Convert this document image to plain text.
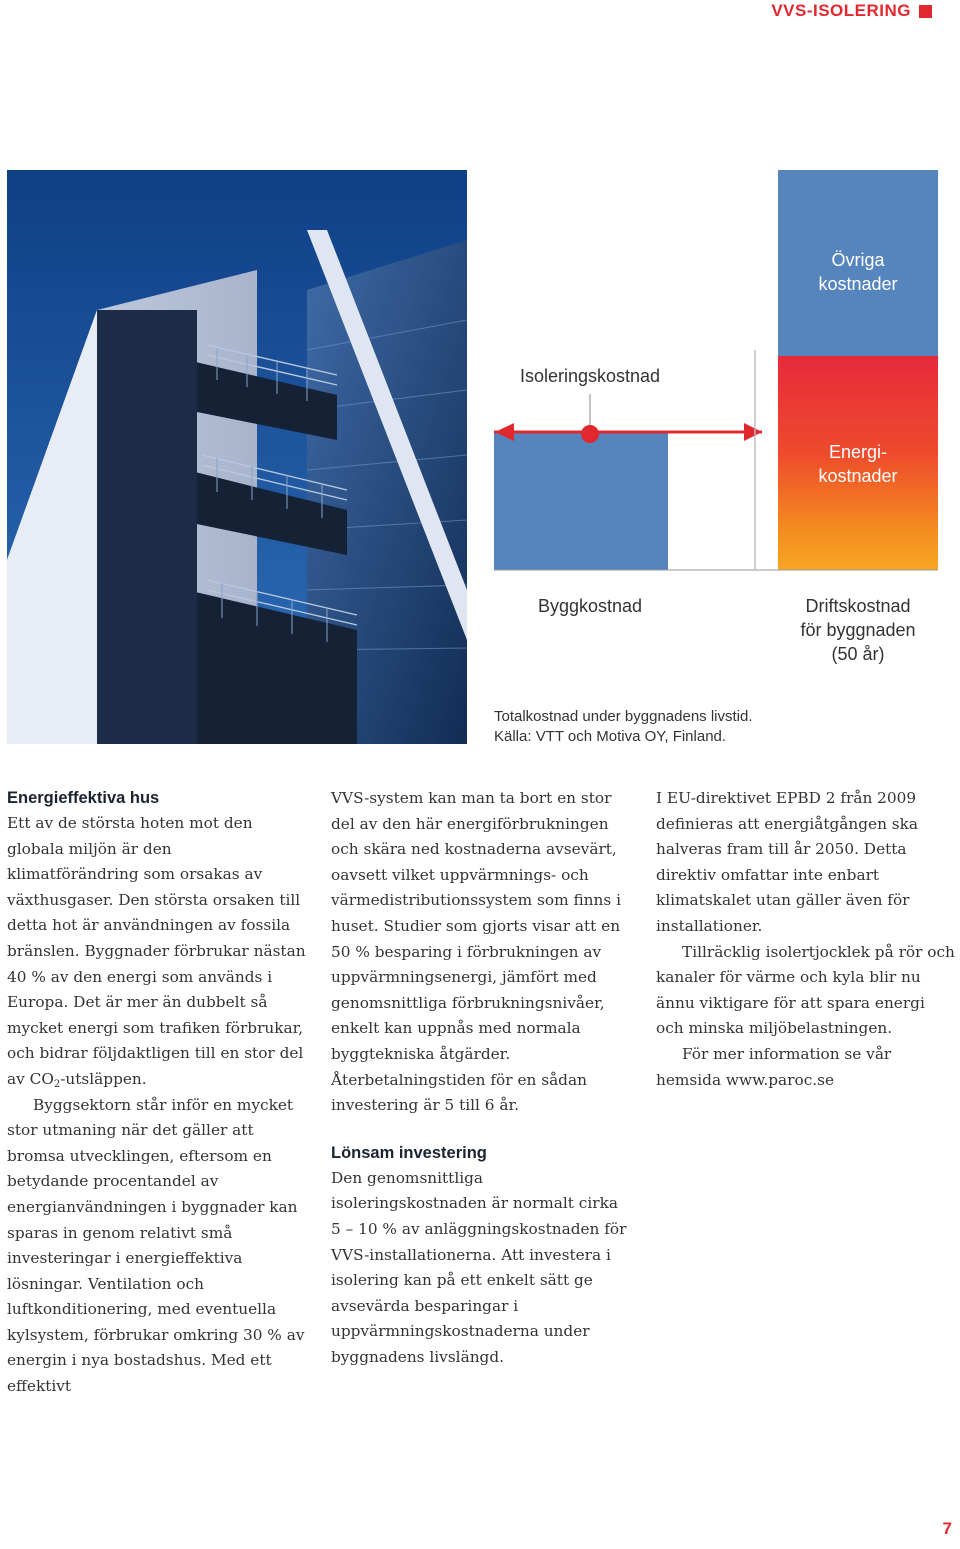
VVS-ISOLERING
Isoleringskostnad
Övriga
kostnader
Energi-
kostnader
Byggkostnad	Driftskostnad
för byggnaden
(50 år)
Totalkostnad under byggnadens livstid.
Källa: VTT och Motiva OY, Finland.
Energieffektiva hus

Ett av de största hoten mot den globala miljön är den klimatförändring som orsakas av växthusgaser. Den största orsaken till detta hot är användningen av fossila bränslen. Byggnader förbrukar nästan 40 % av den energi som används i Europa. Det är mer än dubbelt så mycket energi som trafiken förbrukar, och bidrar följdaktligen till en stor del av $CO_2$-utsläppen.

Byggsektorn står inför en mycket stor utmaning när det gäller att bromsa utvecklingen, eftersom en betydande procentandel av energianvändningen i byggnader kan sparas in genom relativt små investeringar i energieffektiva lösningar. Ventilation och luftkonditionering, med eventuella kylsystem, förbrukar omkring 30 % av energin i nya bostadshus. Med ett effektivt

VVS-system kan man ta bort en stor del av den här energiförbrukningen och skära ned kostnaderna avsevärt, oavsett vilket uppvärmnings- och värmedistributionssystem som finns i huset. Studier som gjorts visar att en 50 % besparing i förbrukningen av uppvärmningsenergi, jämfört med genomsnittliga förbrukningsnivåer, enkelt kan uppnås med normala byggtekniska åtgärder. Återbetalningstiden för en sådan investering är 5 till 6 år.

Lönsam investering

Den genomsnittliga isoleringskostnaden är normalt cirka 5 – 10 % av anläggningskostnaden för VVS-installationerna. Att investera i isolering kan på ett enkelt sätt ge avsevärda besparingar i uppvärmningskostnaderna under byggnadens livslängd.

I EU-direktivet EPBD 2 från 2009 definieras att energiåtgången ska halveras fram till år 2050. Detta direktiv omfattar inte enbart klimatskalet utan gäller även för installationer.

Tillräcklig isolertjocklek på rör och kanaler för värme och kyla blir nu ännu viktigare för att spara energi och minska miljöbelastningen.

För mer information se vår hemsida www.paroc.se

7
